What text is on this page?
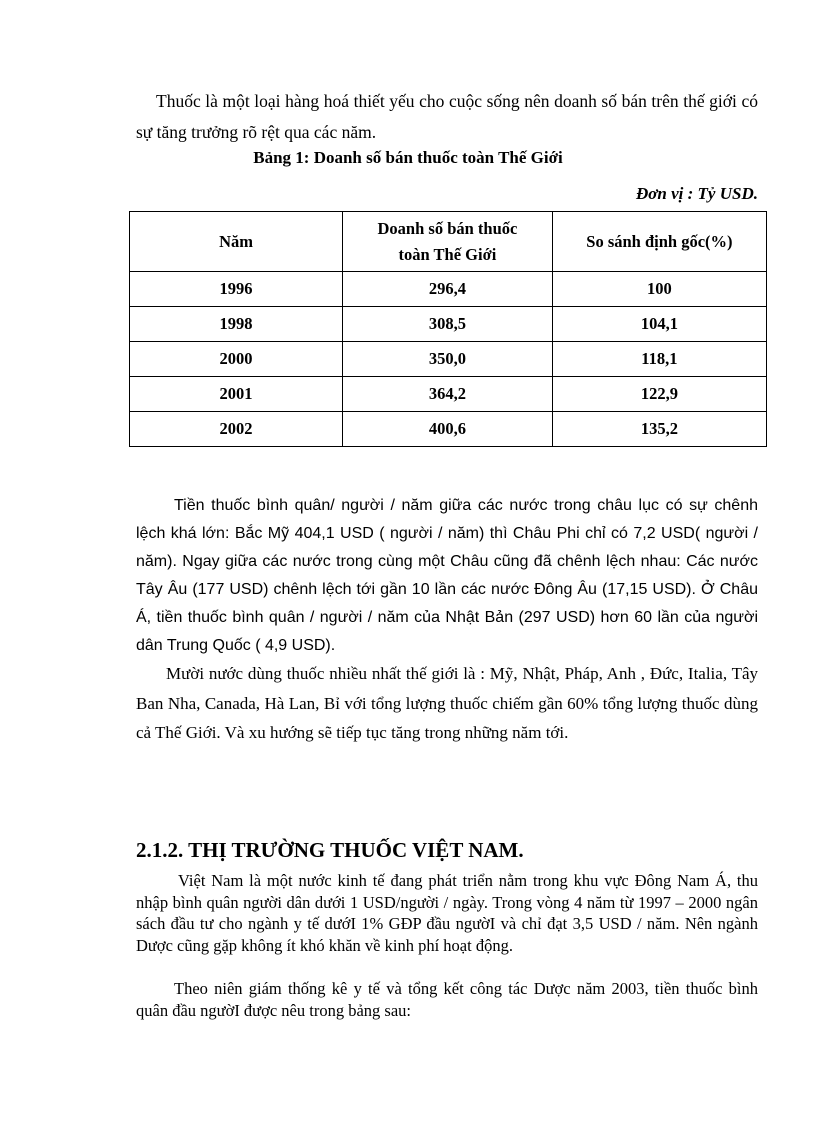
Thuốc là một loại hàng hoá thiết yếu cho cuộc sống nên doanh số bán trên thế giới có sự tăng trưởng rõ rệt qua các năm.

Bảng 1: Doanh số bán thuốc toàn Thế Giới
Đơn vị : Tỷ USD.
Năm	Doanh số bán thuốc toàn Thế Giới	So sánh định gốc(%)
1996	296,4	100
1998	308,5	104,1
2000	350,0	118,1
2001	364,2	122,9
2002	400,6	135,2

Tiền thuốc bình quân/ người / năm giữa các nước trong châu lục có sự chênh lệch khá lớn: Bắc Mỹ 404,1 USD ( người / năm) thì Châu Phi chỉ có 7,2 USD( người / năm). Ngay giữa các nước trong cùng một Châu cũng đã chênh lệch nhau: Các nước Tây Âu (177 USD) chênh lệch tới gần 10 lần các nước Đông Âu (17,15 USD). Ở Châu Á, tiền thuốc bình quân / người / năm của Nhật Bản (297 USD) hơn 60 lần của người dân Trung Quốc ( 4,9 USD).

Mười nước dùng thuốc nhiều nhất thế giới là : Mỹ, Nhật, Pháp, Anh , Đức, Italia, Tây Ban Nha, Canada, Hà Lan, Bỉ với tổng lượng thuốc chiếm gần 60% tổng lượng thuốc dùng cả Thế Giới. Và xu hướng sẽ tiếp tục tăng trong những năm tới.

2.1.2. THỊ TRƯỜNG THUỐC VIỆT NAM.

Việt Nam là một nước kinh tế đang phát triển nằm trong khu vực Đông Nam Á, thu nhập bình quân người dân dưới 1 USD/người / ngày. Trong vòng 4 năm từ 1997 – 2000 ngân sách đầu tư cho ngành y tế dướI 1% GĐP đầu ngườI và chỉ đạt 3,5 USD / năm. Nên ngành Dược cũng gặp không ít khó khăn về kinh phí hoạt động.

Theo niên giám thống kê y tế và tổng kết công tác Dược năm 2003, tiền thuốc bình quân đầu ngườI được nêu trong bảng sau:
